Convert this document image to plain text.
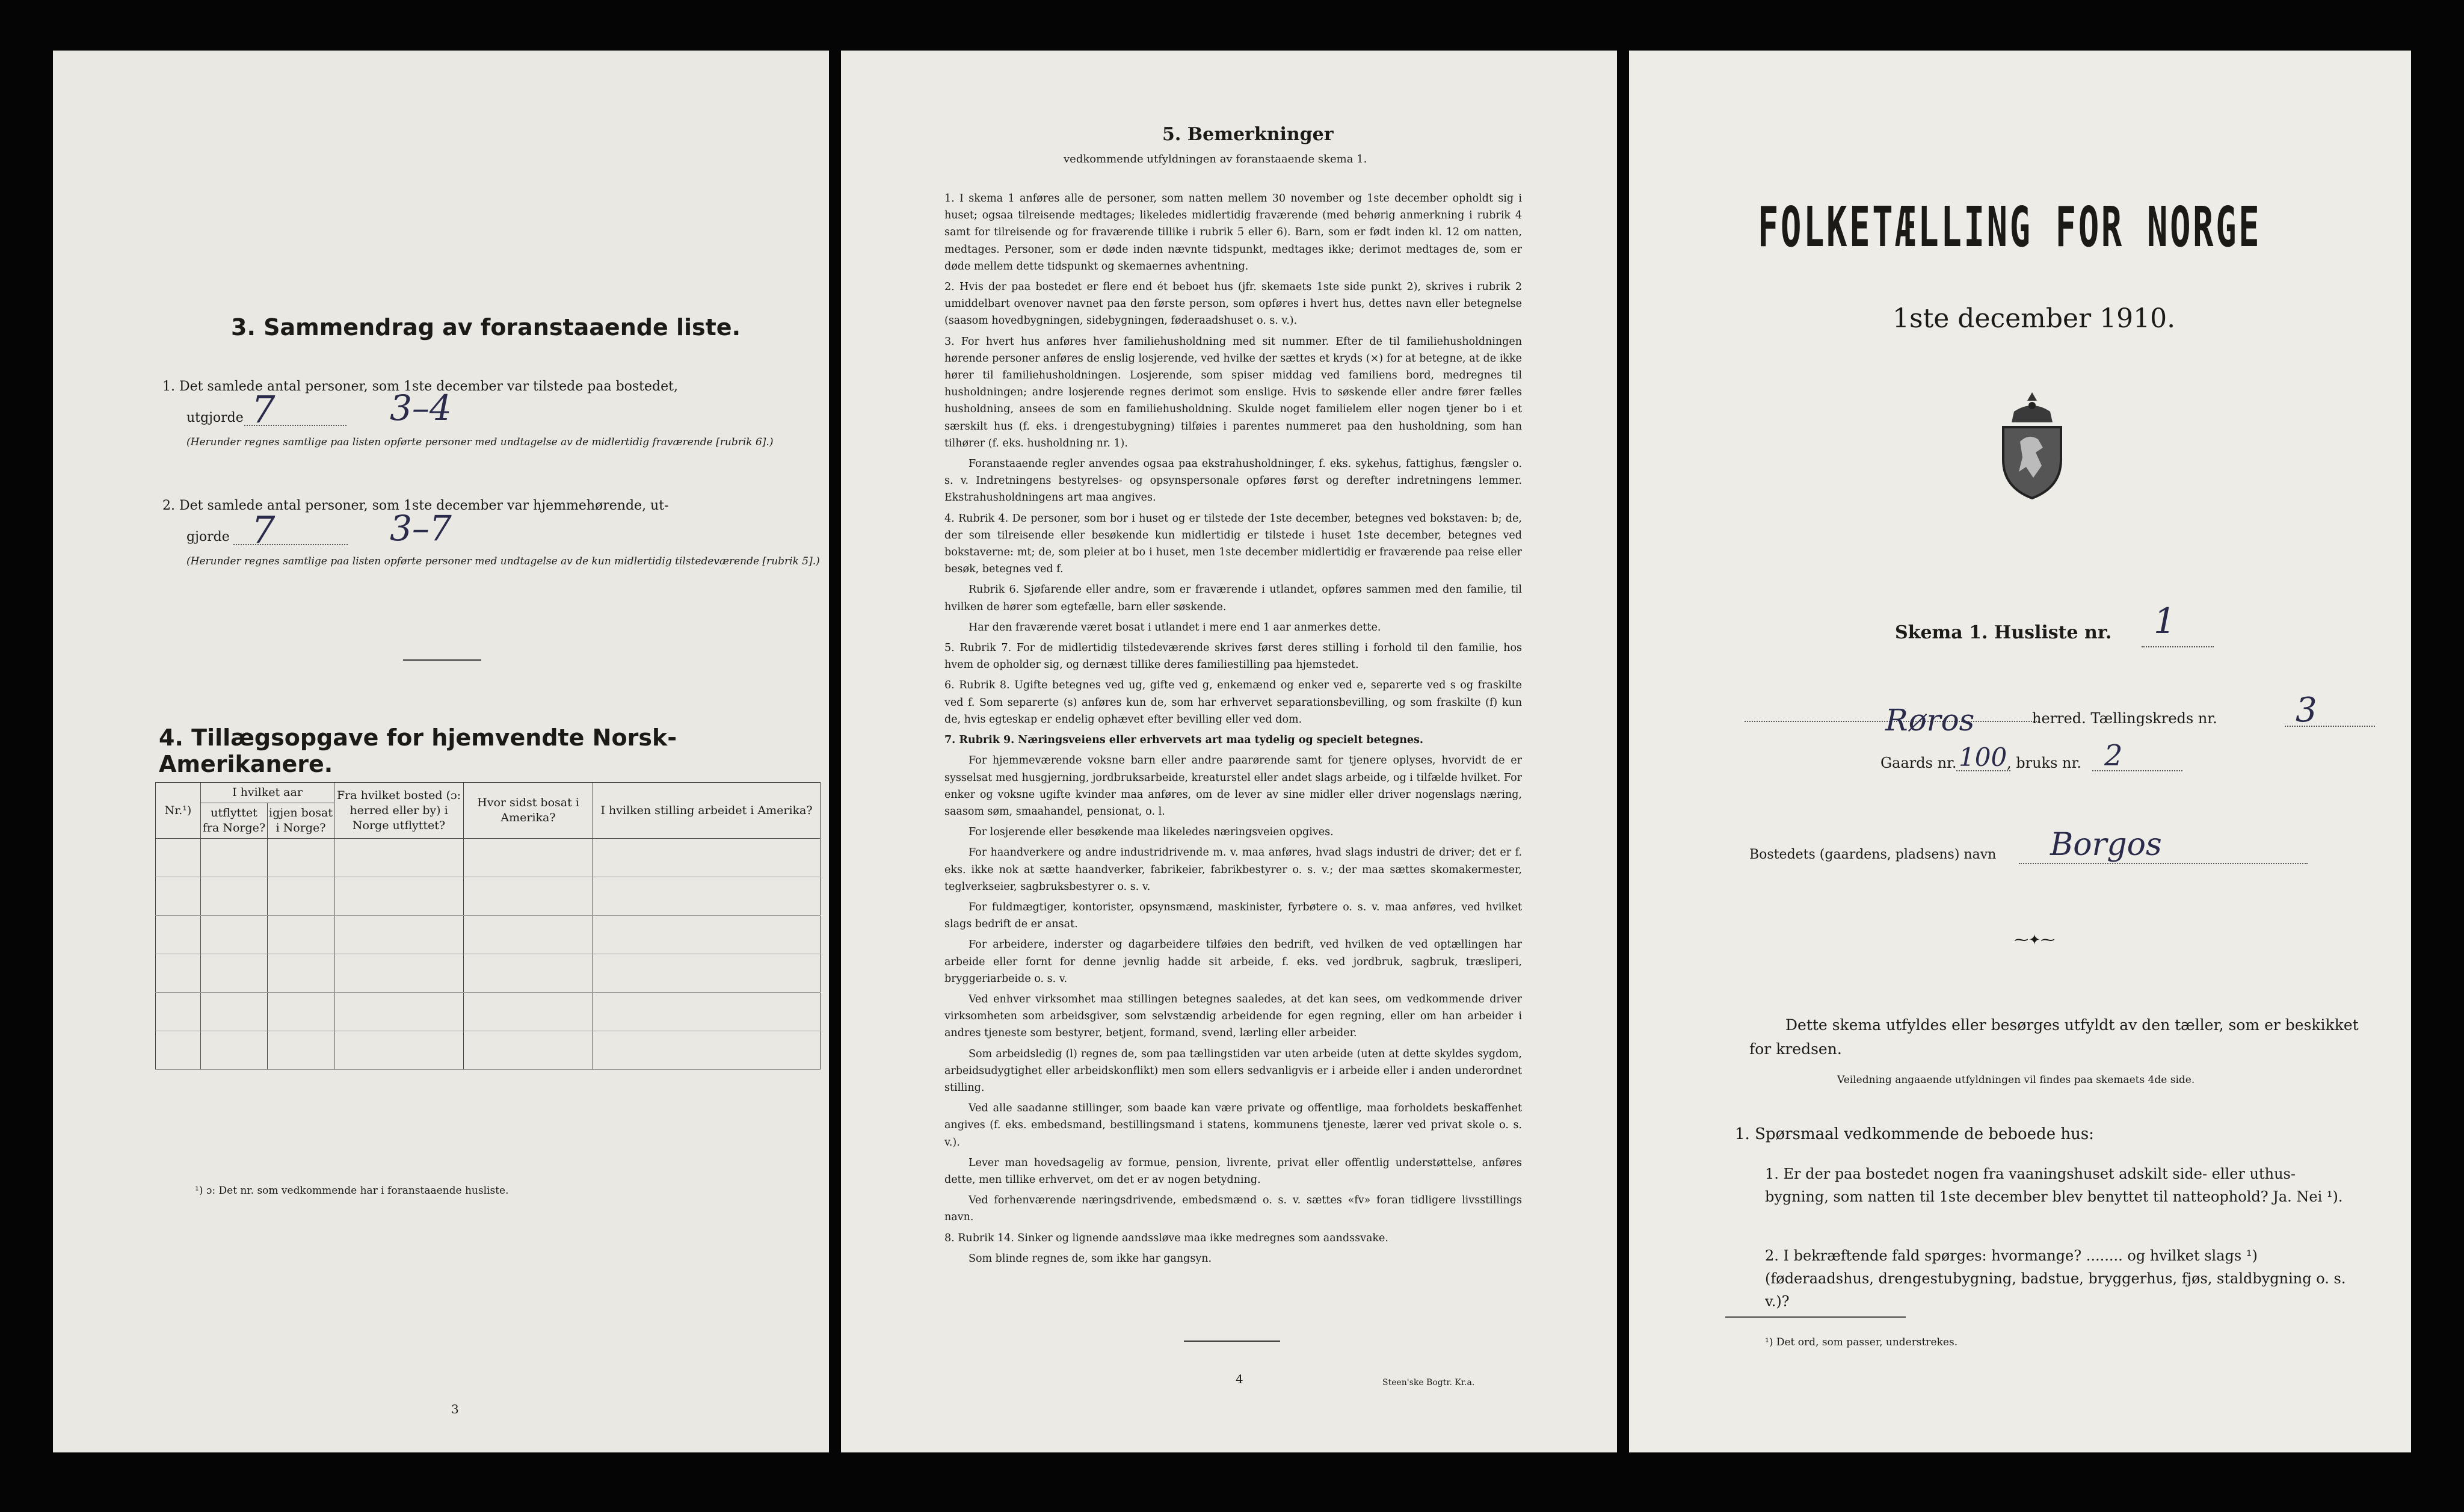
3. Sammendrag av foranstaaende liste.
1. Det samlede antal personer, som 1ste december var tilstede paa bostedet,
utgjorde 7	3–4
(Herunder regnes samtlige paa listen opførte personer med undtagelse av de midlertidig fraværende [rubrik 6].)
2. Det samlede antal personer, som 1ste december var hjemmehørende, ut-
gjorde 7	3–7
(Herunder regnes samtlige paa listen opførte personer med undtagelse av de kun midlertidig tilstedeværende [rubrik 5].)
4. Tillægsopgave for hjemvendte Norsk-Amerikanere.
Nr.¹)	I hvilket aar		Fra hvilket bosted (ɔ: herred eller by) i Norge utflyttet?	Hvor sidst bosat i Amerika?	I hvilken stilling arbeidet i Amerika?
	utflyttet fra Norge?	igjen bosat i Norge?			

¹) ɔ: Det nr. som vedkommende har i foranstaaende husliste.
3
5. Bemerkninger
vedkommende utfyldningen av foranstaaende skema 1.

1. I skema 1 anføres alle de personer, som natten mellem 30 november og 1ste december opholdt sig i huset; ogsaa tilreisende medtages; likeledes midlertidig fraværende (med behørig anmerkning i rubrik 4 samt for tilreisende og for fraværende tillike i rubrik 5 eller 6). Barn, som er født inden kl. 12 om natten, medtages. Personer, som er døde inden nævnte tidspunkt, medtages ikke; derimot medtages de, som er døde mellem dette tidspunkt og skemaernes avhentning.

2. Hvis der paa bostedet er flere end ét beboet hus (jfr. skemaets 1ste side punkt 2), skrives i rubrik 2 umiddelbart ovenover navnet paa den første person, som opføres i hvert hus, dettes navn eller betegnelse (saasom hovedbygningen, sidebygningen, føderaadshuset o. s. v.).

3. For hvert hus anføres hver familiehusholdning med sit nummer. Efter de til familiehusholdningen hørende personer anføres de enslig losjerende, ved hvilke der sættes et kryds (×) for at betegne, at de ikke hører til familiehusholdningen. Losjerende, som spiser middag ved familiens bord, medregnes til husholdningen; andre losjerende regnes derimot som enslige. Hvis to søskende eller andre fører fælles husholdning, ansees de som en familiehusholdning. Skulde noget familielem eller nogen tjener bo i et særskilt hus (f. eks. i drengestubygning) tilføies i parentes nummeret paa den husholdning, som han tilhører (f. eks. husholdning nr. 1).

Foranstaaende regler anvendes ogsaa paa ekstrahusholdninger, f. eks. sykehus, fattighus, fængsler o. s. v. Indretningens bestyrelses- og opsynspersonale opføres først og derefter indretningens lemmer. Ekstrahusholdningens art maa angives.

4. Rubrik 4. De personer, som bor i huset og er tilstede der 1ste december, betegnes ved bokstaven: b; de, der som tilreisende eller besøkende kun midlertidig er tilstede i huset 1ste december, betegnes ved bokstaverne: mt; de, som pleier at bo i huset, men 1ste december midlertidig er fraværende paa reise eller besøk, betegnes ved f.

Rubrik 6. Sjøfarende eller andre, som er fraværende i utlandet, opføres sammen med den familie, til hvilken de hører som egtefælle, barn eller søskende.

Har den fraværende været bosat i utlandet i mere end 1 aar anmerkes dette.

5. Rubrik 7. For de midlertidig tilstedeværende skrives først deres stilling i forhold til den familie, hos hvem de opholder sig, og dernæst tillike deres familiestilling paa hjemstedet.

6. Rubrik 8. Ugifte betegnes ved ug, gifte ved g, enkemænd og enker ved e, separerte ved s og fraskilte ved f. Som separerte (s) anføres kun de, som har erhvervet separationsbevilling, og som fraskilte (f) kun de, hvis egteskap er endelig ophævet efter bevilling eller ved dom.

7. Rubrik 9. Næringsveiens eller erhvervets art maa tydelig og specielt betegnes.

For hjemmeværende voksne barn eller andre paarørende samt for tjenere oplyses, hvorvidt de er sysselsat med husgjerning, jordbruksarbeide, kreaturstel eller andet slags arbeide, og i tilfælde hvilket. For enker og voksne ugifte kvinder maa anføres, om de lever av sine midler eller driver nogenslags næring, saasom søm, smaahandel, pensionat, o. l.

For losjerende eller besøkende maa likeledes næringsveien opgives.

For haandverkere og andre industridrivende m. v. maa anføres, hvad slags industri de driver; det er f. eks. ikke nok at sætte haandverker, fabrikeier, fabrikbestyrer o. s. v.; der maa sættes skomakermester, teglverkseier, sagbruksbestyrer o. s. v.

For fuldmægtiger, kontorister, opsynsmænd, maskinister, fyrbøtere o. s. v. maa anføres, ved hvilket slags bedrift de er ansat.

For arbeidere, inderster og dagarbeidere tilføies den bedrift, ved hvilken de ved optællingen har arbeide eller fornt for denne jevnlig hadde sit arbeide, f. eks. ved jordbruk, sagbruk, træsliperi, bryggeriarbeide o. s. v.

Ved enhver virksomhet maa stillingen betegnes saaledes, at det kan sees, om vedkommende driver virksomheten som arbeidsgiver, som selvstændig arbeidende for egen regning, eller om han arbeider i andres tjeneste som bestyrer, betjent, formand, svend, lærling eller arbeider.

Som arbeidsledig (l) regnes de, som paa tællingstiden var uten arbeide (uten at dette skyldes sygdom, arbeidsudygtighet eller arbeidskonflikt) men som ellers sedvanligvis er i arbeide eller i anden underordnet stilling.

Ved alle saadanne stillinger, som baade kan være private og offentlige, maa forholdets beskaffenhet angives (f. eks. embedsmand, bestillingsmand i statens, kommunens tjeneste, lærer ved privat skole o. s. v.).

Lever man hovedsagelig av formue, pension, livrente, privat eller offentlig understøttelse, anføres dette, men tillike erhvervet, om det er av nogen betydning.

Ved forhenværende næringsdrivende, embedsmænd o. s. v. sættes «fv» foran tidligere livsstillings navn.

8. Rubrik 14. Sinker og lignende aandssløve maa ikke medregnes som aandssvake.

Som blinde regnes de, som ikke har gangsyn.

4	Steen'ske Bogtr. Kr.a.
FOLKETÆLLING FOR NORGE
1ste december 1910.
Skema 1. Husliste nr. 1
Røros	herred. Tællingskreds nr. 3
Gaards nr. 100 , bruks nr. 2
Bostedets (gaardens, pladsens) navn Borgos
⁓✦⁓
Dette skema utfyldes eller besørges utfyldt av den tæller, som er beskikket for kredsen.
Veiledning angaaende utfyldningen vil findes paa skemaets 4de side.
1. Spørsmaal vedkommende de beboede hus:
1. Er der paa bostedet nogen fra vaaningshuset adskilt side- eller uthus-bygning, som natten til 1ste december blev benyttet til natteophold? Ja. Nei ¹).
2. I bekræftende fald spørges: hvormange? ........ og hvilket slags ¹) (føderaadshus, drengestubygning, badstue, bryggerhus, fjøs, staldbygning o. s. v.)?
¹) Det ord, som passer, understrekes.
